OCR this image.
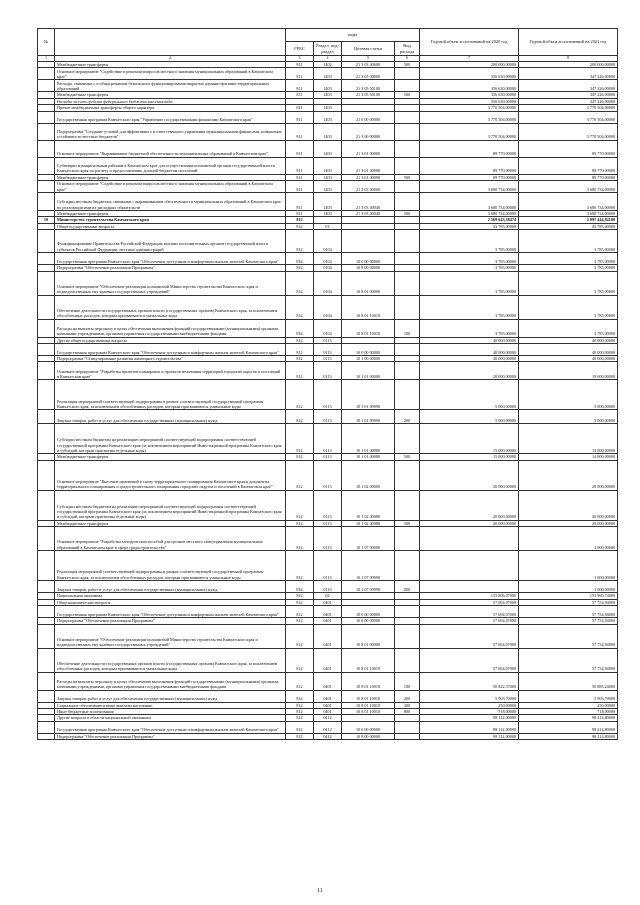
№		коды				Годовой объем ассигнований на 2020 год	Годовой объем ассигнований на 2021 год
		ГРБС	Раздел, под-раздел	Целевая статья	Вид расхода		
1	2	3	4	5	6	7	8
	Межбюджетные трансферты	811	1402	21 3 03 40600	500	200 000,00000	200 000,00000
	Основное мероприятие "Содействие в решении вопросов местного значения муниципальных образований в Камчатском крае"	811	1403	21 3 05 00000		356 630,00000	347 226,00000
	Расходы, связанные с особым режимом безопасного функционирования закрытых административно-территориальных образований	811	1403	21 3 05 50100		356 630,00000	347 226,00000
	Межбюджетные трансферты	811	1403	21 3 05 50100	500	356 630,00000	347 226,00000
	Расходы за счет средств федерального бюджета внесения вида					356 630,00000	347 226,00000
	Прочие межбюджетные трансферты общего характера	811	1403			3 770 504,00000	3 770 504,00000
	Государственная программа Камчатского края "Управление государственными финансами Камчатского края"	811	1403	21 0 00 00000		3 770 504,00000	3 770 504,00000
	Подпрограмма "Создание условий для эффективного и ответственного управления муниципальными финансами, повышение устойчивости местных бюджетов"	811	1403	21 3 00 00000		3 770 504,00000	3 770 504,00000
	Основное мероприятие "Выравнивание бюджетной обеспеченности муниципальных образований в Камчатском крае"	811	1403	21 3 01 00000		89 770,00000	89 770,00000
	Субвенции муниципальным районам в Камчатском крае для осуществления полномочий органов государственной власти Камчатского края по расчету и предоставлению дотаций бюджетам поселений	811	1403	21 3 01 40090		89 770,00000	89 770,00000
	Межбюджетные трансферты	811	1403	21 3 01 40090	500	89 770,00000	89 770,00000
	Основное мероприятие "Содействие в решении вопросов местного значения муниципальных образований в Камчатском крае"	811	1403	21 3 03 00000		3 680 734,00000	3 680 734,00000
	Субсидии местным бюджетам, связанные с выравниванием обеспеченности муниципальных образований в Камчатском крае по реализации ими их расходных обязательств	811	1403	21 3 03 40040		3 680 734,00000	3 680 734,00000
	Межбюджетные трансферты	811	1403	21 3 03 40040	500	3 680 734,00000	3 680 734,00000
10	Министерство строительства Камчатского края	812				2 569 643,38474	2 097 444,84100
	Общегосударственные вопросы	812	01			43 785,00000	43 785,00000
	Функционирование Правительства Российской Федерации, высших исполнительных органов государственной власти субъектов Российской Федерации, местных администраций	812	0104			3 785,00000	3 785,00000
	Государственная программа Камчатского края "Обеспечение доступным и комфортным жильем жителей Камчатского края"	812	0104	10 0 00 00000		3 785,00000	3 785,00000
	Подпрограмма "Обеспечение реализации Программы"	812	0104	10 8 00 00000		3 785,00000	3 785,00000
	Основное мероприятие "Обеспечение реализации полномочий Министерства строительства Камчатского края и подведомственных ему краевых государственных учреждений"	812	0104	10 8 01 00000		3 785,00000	3 785,00000
	Обеспечение деятельности государственных органов власти (государственных органов) Камчатского края, за исключением обособленных расходов, которым присваиваются уникальные коды	812	0104	10 8 01 10010		3 785,00000	3 785,00000
	Расходы на выплаты персоналу в целях обеспечения выполнения функций государственными (муниципальными) органами, казенными учреждениями, органами управления государственными внебюджетными фондами	812	0104	10 8 01 10010	100	3 785,00000	3 785,00000
	Другие общегосударственные вопросы	812	0113			40 000,00000	40 000,00000
	Государственная программа Камчатского края "Обеспечение доступным и комфортным жильем жителей Камчатского края"	812	0113	10 0 00 00000		40 000,00000	40 000,00000
	Подпрограмма "Стимулирование развития жилищного строительства"	812	0113	10 1 00 00000		40 000,00000	40 000,00000
	Основное мероприятие "Разработка проектов планировок и проектов межевания территорий городских округов и поселений в Камчатском крае"	812	0113	10 1 01 00000		20 000,00000	19 000,00000
	Реализация мероприятий соответствующей подпрограммы в рамках соответствующей государственной программы Камчатского края, за исключением обособленных расходов, которым присваиваются уникальные коды	812	0113	10 1 01 09990		5 000,00000	5 000,00000
	Закупка товаров, работ и услуг для обеспечения государственных (муниципальных) нужд	812	0113	10 1 01 09990	200	5 000,00000	5 000,00000
	Субсидии местным бюджетам на реализацию мероприятий соответствующей подпрограммы соответствующей государственной программы Камчатского края (за исключением мероприятий Инвестиционной программы Камчатского края и субсидий, которым присвоены отдельные коды)	812	0113	10 1 01 40080		15 000,00000	14 000,00000
	Межбюджетные трансферты	812	0113	10 1 01 40080	500	15 000,00000	14 000,00000
	Основное мероприятие "Внесение изменений в схему территориального планирования Камчатского края и документы территориального планирования и градостроительного зонирования городских округов и поселений в Камчатском крае"	812	0113	10 1 02 00000		20 000,00000	20 000,00000
	Субсидии местным бюджетам на реализацию мероприятий соответствующей подпрограммы соответствующей государственной программы Камчатского края (за исключением мероприятий Инвестиционной программы Камчатского края и субсидий, которым присвоены отдельные коды)	812	0113	10 1 02 40080		20 000,00000	20 000,00000
	Межбюджетные трансферты	812	0113	10 1 02 40080	500	20 000,00000	20 000,00000
	Основное мероприятие "Разработка методических пособий для органов местного самоуправления муниципальных образований в Камчатском крае в сфере градостроительства"	812	0113	10 1 07 00000			1 000,00000
	Реализация мероприятий соответствующей подпрограммы в рамках соответствующей государственной программы Камчатского края, за исключением обособленных расходов, которым присваиваются уникальные коды	812	0113	10 1 07 09990			1 000,00000
	Закупка товаров, работ и услуг для обеспечения государственных (муниципальных) нужд	812	0113	10 1 07 09990	200		1 000,00000
	Национальная экономика	812	04			155 806,07000	155 969,74000
	Общеэкономические вопросы	812	0401			57 694,07000	57 754,94000
	Государственная программа Камчатского края "Обеспечение доступным и комфортным жильем жителей Камчатского края"	812	0401	10 0 00 00000		57 694,07000	57 754,94000
	Подпрограмма "Обеспечение реализации Программы"	812	0401	10 8 00 00000		57 694,07000	57 754,94000
	Основное мероприятие "Обеспечение реализации полномочий Министерства строительства Камчатского края и подведомственных ему краевых государственных учреждений"	812	0401	10 8 01 00000		57 694,07000	57 754,94000
	Обеспечение деятельности государственных органов власти (государственных органов) Камчатского края, за исключением обособленных расходов, которым присваиваются уникальные коды	812	0401	10 8 01 10010		57 694,07000	57 754,94000
	Расходы на выплаты персоналу в целях обеспечения выполнения функций государственными (муниципальными) органами, казенными учреждениями, органами управления государственными внебюджетными фондами	812	0401	10 8 01 10010	100	50 822,37000	50 883,24000
	Закупка товаров, работ и услуг для обеспечения государственных (муниципальных) нужд	812	0401	10 8 01 10010	200	5 903,70000	5 903,70000
	Социальное обеспечение и иные выплаты населению	812	0401	10 8 01 10010	300	250,00000	250,00000
	Иные бюджетные ассигнования	812	0401	10 8 01 10010	800	718,00000	718,00000
	Другие вопросы в области национальной экономики	812	0412			98 112,00000	98 214,80000
	Государственная программа Камчатского края "Обеспечение доступным и комфортным жильем жителей Камчатского края"	812	0412	10 0 00 00000		98 112,00000	98 214,80000
	Подпрограмма "Обеспечение реализации Программы"	812	0412	10 8 00 00000		98 112,00000	98 214,80000
11
